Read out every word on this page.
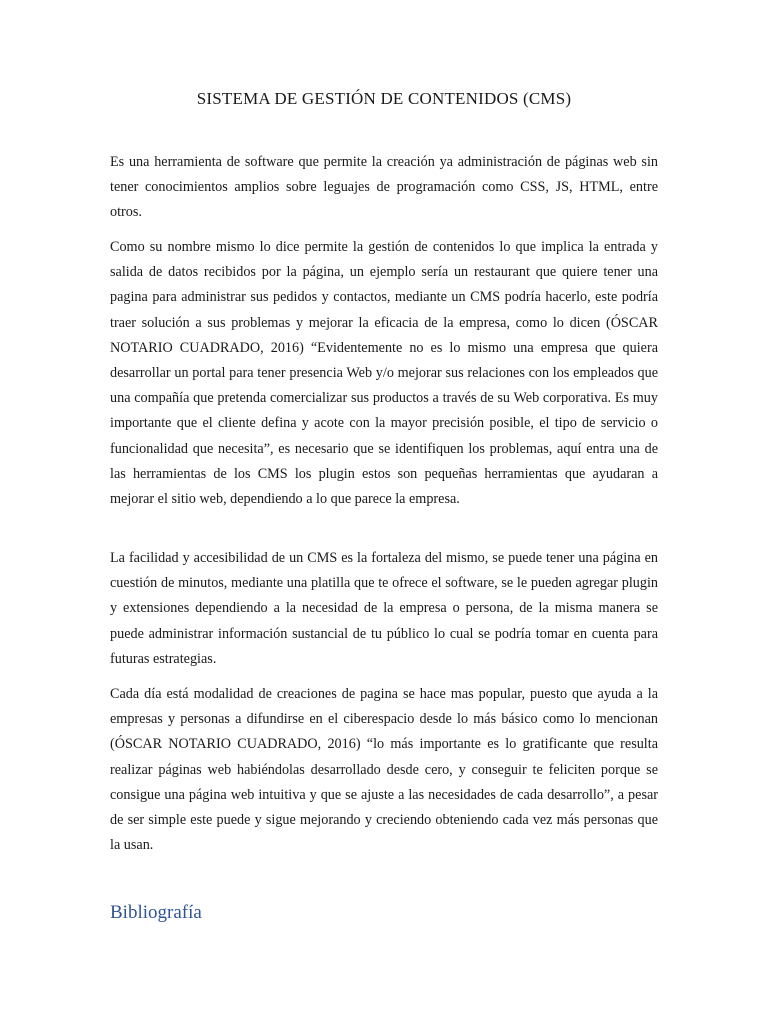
SISTEMA DE GESTIÓN DE CONTENIDOS (CMS)

Es una herramienta de software que permite la creación ya administración de páginas web sin tener conocimientos amplios sobre leguajes de programación como CSS, JS, HTML, entre otros.

Como su nombre mismo lo dice permite la gestión de contenidos lo que implica la entrada y salida de datos recibidos por la página, un ejemplo sería un restaurant que quiere tener una pagina para administrar sus pedidos y contactos, mediante un CMS podría hacerlo, este podría traer solución a sus problemas y mejorar la eficacia de la empresa, como lo dicen (ÓSCAR NOTARIO CUADRADO, 2016) “Evidentemente no es lo mismo una empresa que quiera desarrollar un portal para tener presencia Web y/o mejorar sus relaciones con los empleados que una compañía que pretenda comercializar sus productos a través de su Web corporativa. Es muy importante que el cliente defina y acote con la mayor precisión posible, el tipo de servicio o funcionalidad que necesita”, es necesario que se identifiquen los problemas, aquí entra una de las herramientas de los CMS los plugin estos son pequeñas herramientas que ayudaran a mejorar el sitio web, dependiendo a lo que parece la empresa.

La facilidad y accesibilidad de un CMS es la fortaleza del mismo, se puede tener una página en cuestión de minutos, mediante una platilla que te ofrece el software, se le pueden agregar plugin y extensiones dependiendo a la necesidad de la empresa o persona, de la misma manera se puede administrar información sustancial de tu público lo cual se podría tomar en cuenta para futuras estrategias.

Cada día está modalidad de creaciones de pagina se hace mas popular, puesto que ayuda a la empresas y personas a difundirse en el ciberespacio desde lo más básico como lo mencionan (ÓSCAR NOTARIO CUADRADO, 2016) “lo más importante es lo gratificante que resulta realizar páginas web habiéndolas desarrollado desde cero, y conseguir te feliciten porque se consigue una página web intuitiva y que se ajuste a las necesidades de cada desarrollo”, a pesar de ser simple este puede y sigue mejorando y creciendo obteniendo cada vez más personas que la usan.

Bibliografía
